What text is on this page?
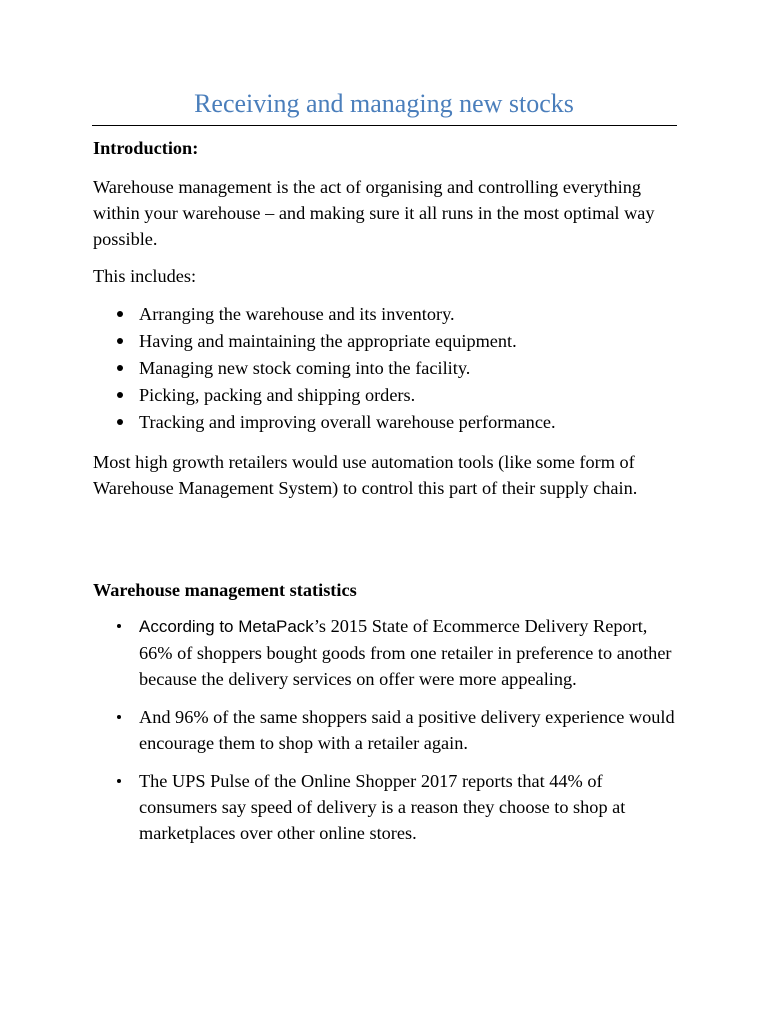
Receiving and managing new stocks
Introduction:
Warehouse management is the act of organising and controlling everything within your warehouse – and making sure it all runs in the most optimal way possible.
This includes:
Arranging the warehouse and its inventory.
Having and maintaining the appropriate equipment.
Managing new stock coming into the facility.
Picking, packing and shipping orders.
Tracking and improving overall warehouse performance.
Most high growth retailers would use automation tools (like some form of Warehouse Management System) to control this part of their supply chain.
Warehouse management statistics
According to MetaPack’s 2015 State of Ecommerce Delivery Report, 66% of shoppers bought goods from one retailer in preference to another because the delivery services on offer were more appealing.
And 96% of the same shoppers said a positive delivery experience would encourage them to shop with a retailer again.
The UPS Pulse of the Online Shopper 2017 reports that 44% of consumers say speed of delivery is a reason they choose to shop at marketplaces over other online stores.
